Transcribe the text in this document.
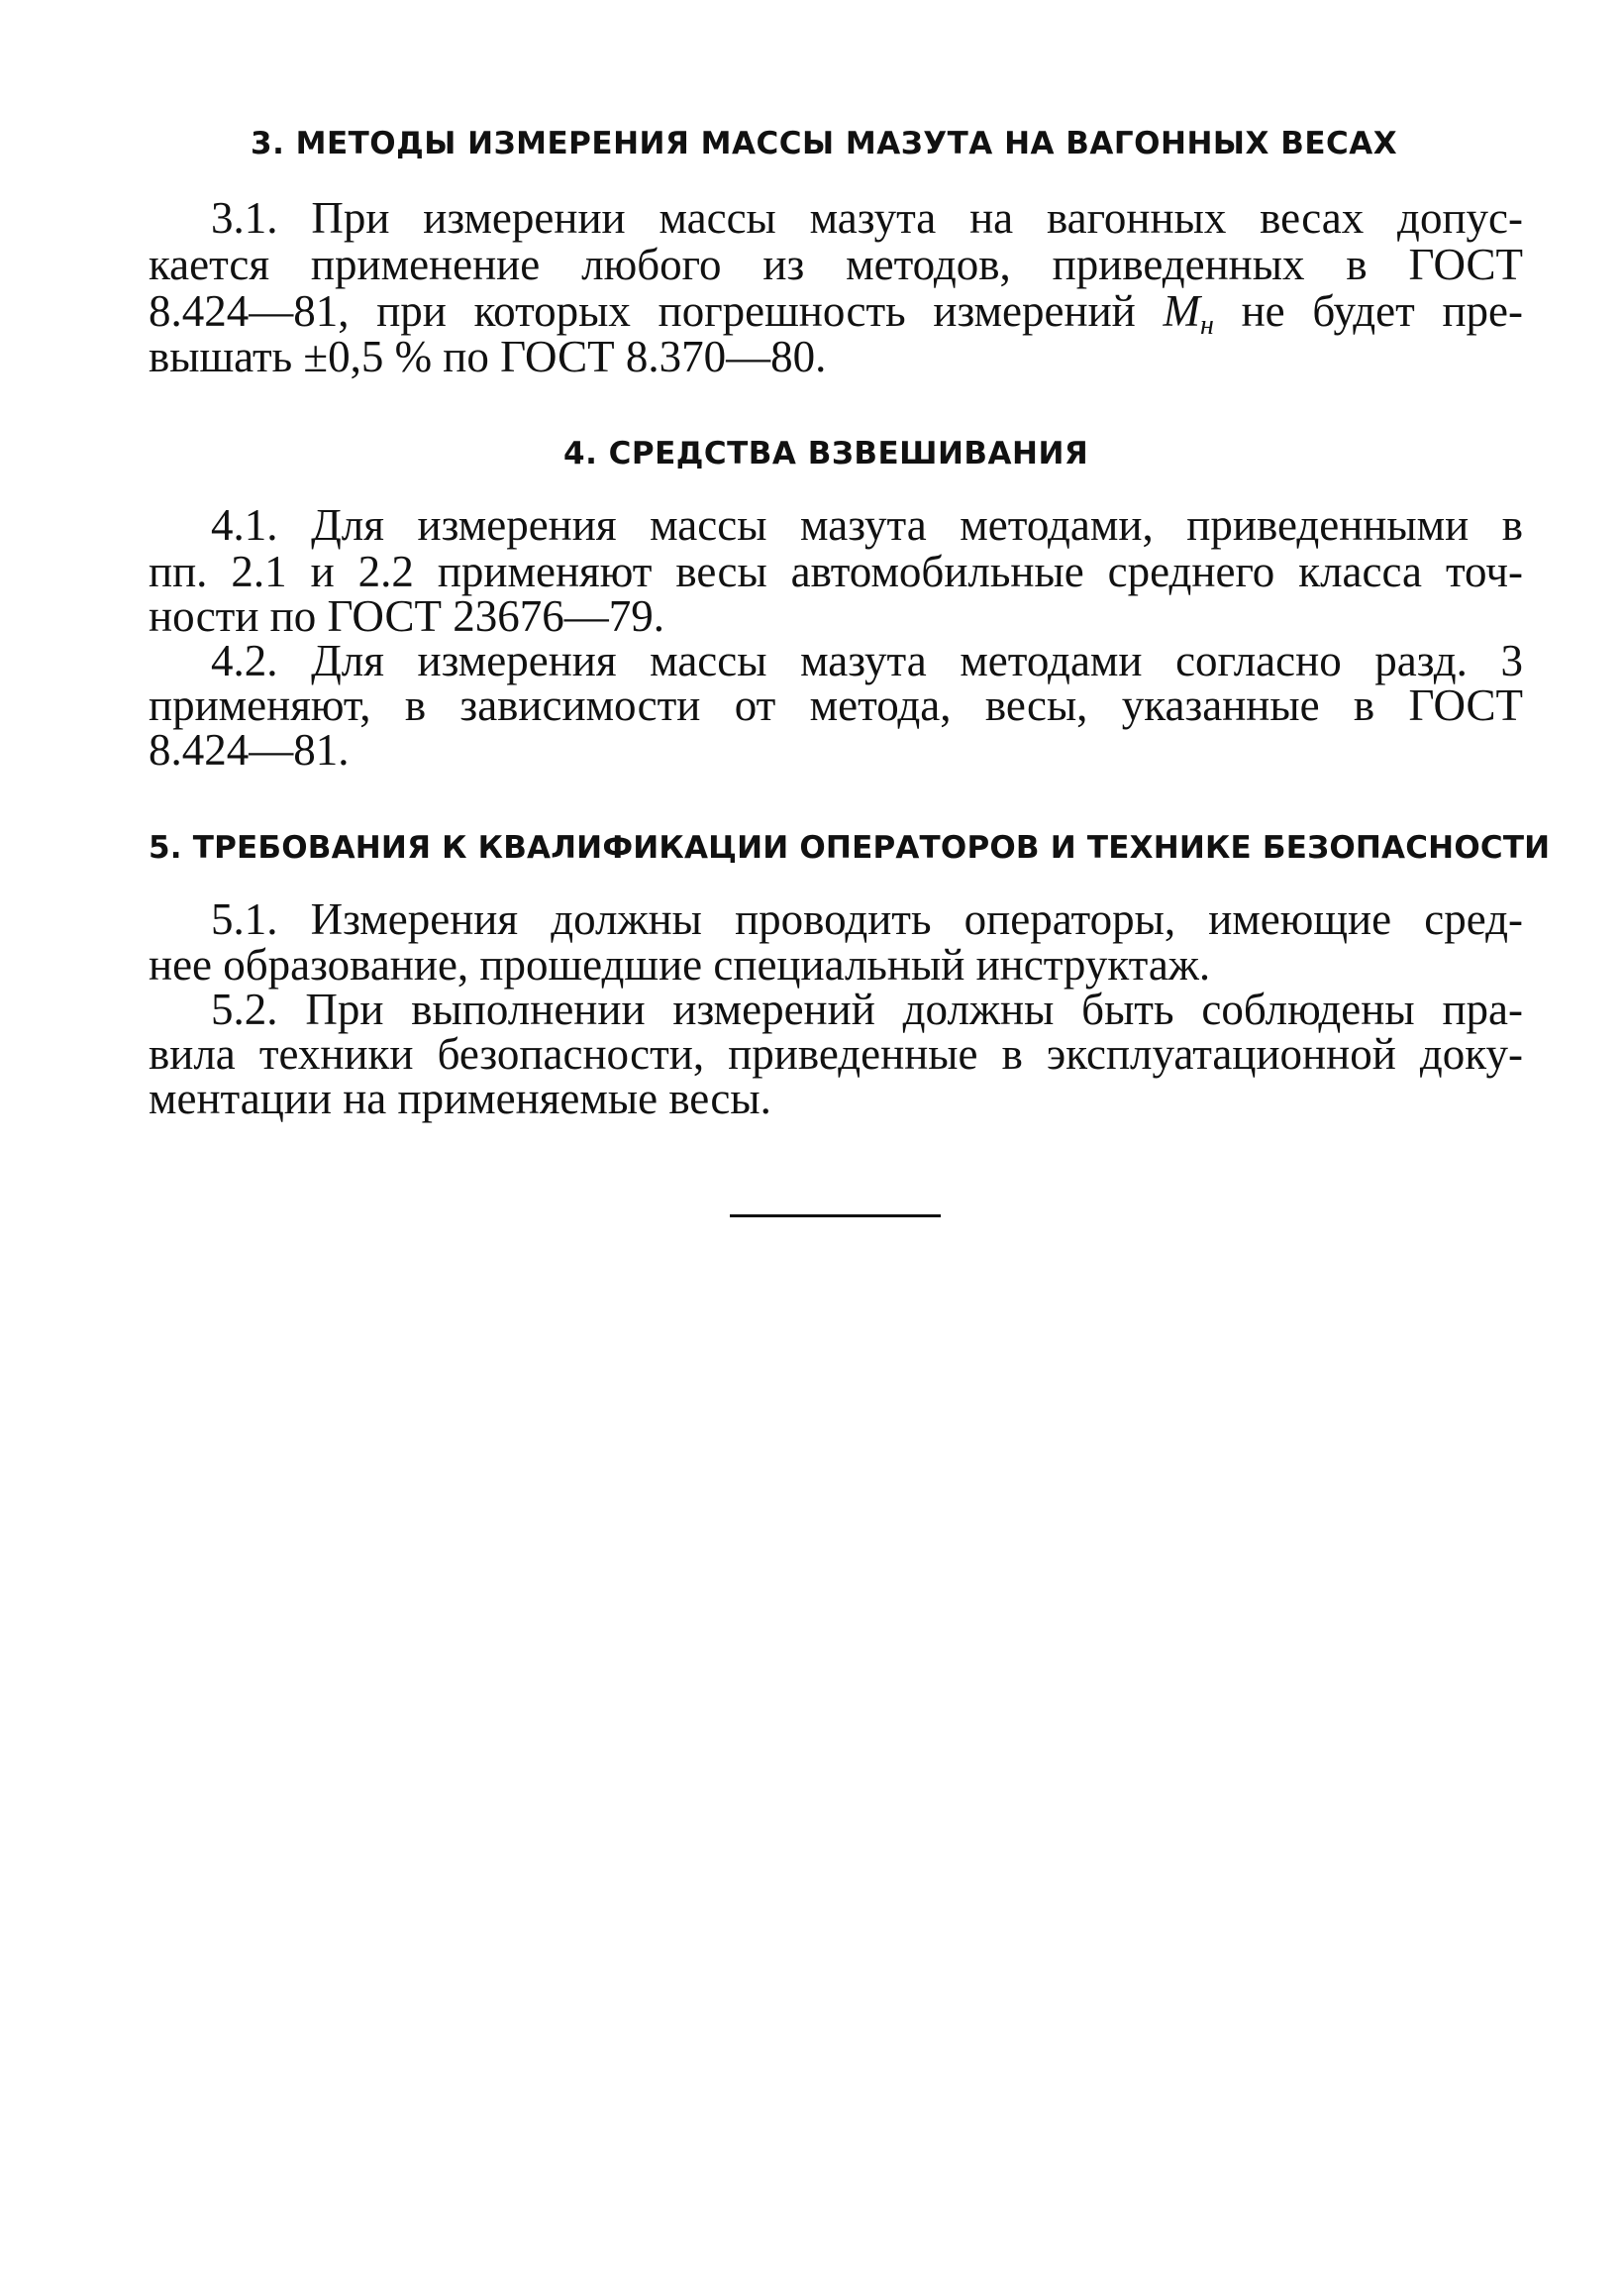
3. МЕТОДЫ ИЗМЕРЕНИЯ МАССЫ МАЗУТА НА ВАГОННЫХ ВЕСАХ
3.1. При измерении массы мазута на вагонных весах допус-
кается применение любого из методов, приведенных в ГОСТ
8.424—81, при которых погрешность измерений $M_н$ не будет пре-
вышать ±0,5 % по ГОСТ 8.370—80.
4. СРЕДСТВА ВЗВЕШИВАНИЯ
4.1. Для измерения массы мазута методами, приведенными в
пп. 2.1 и 2.2 применяют весы автомобильные среднего класса точ-
ности по ГОСТ 23676—79.
4.2. Для измерения массы мазута методами согласно разд. 3
применяют, в зависимости от метода, весы, указанные в ГОСТ
8.424—81.
5. ТРЕБОВАНИЯ К КВАЛИФИКАЦИИ ОПЕРАТОРОВ И ТЕХНИКЕ БЕЗОПАСНОСТИ
5.1. Измерения должны проводить операторы, имеющие сред-
нее образование, прошедшие специальный инструктаж.
5.2. При выполнении измерений должны быть соблюдены пра-
вила техники безопасности, приведенные в эксплуатационной доку-
ментации на применяемые весы.
